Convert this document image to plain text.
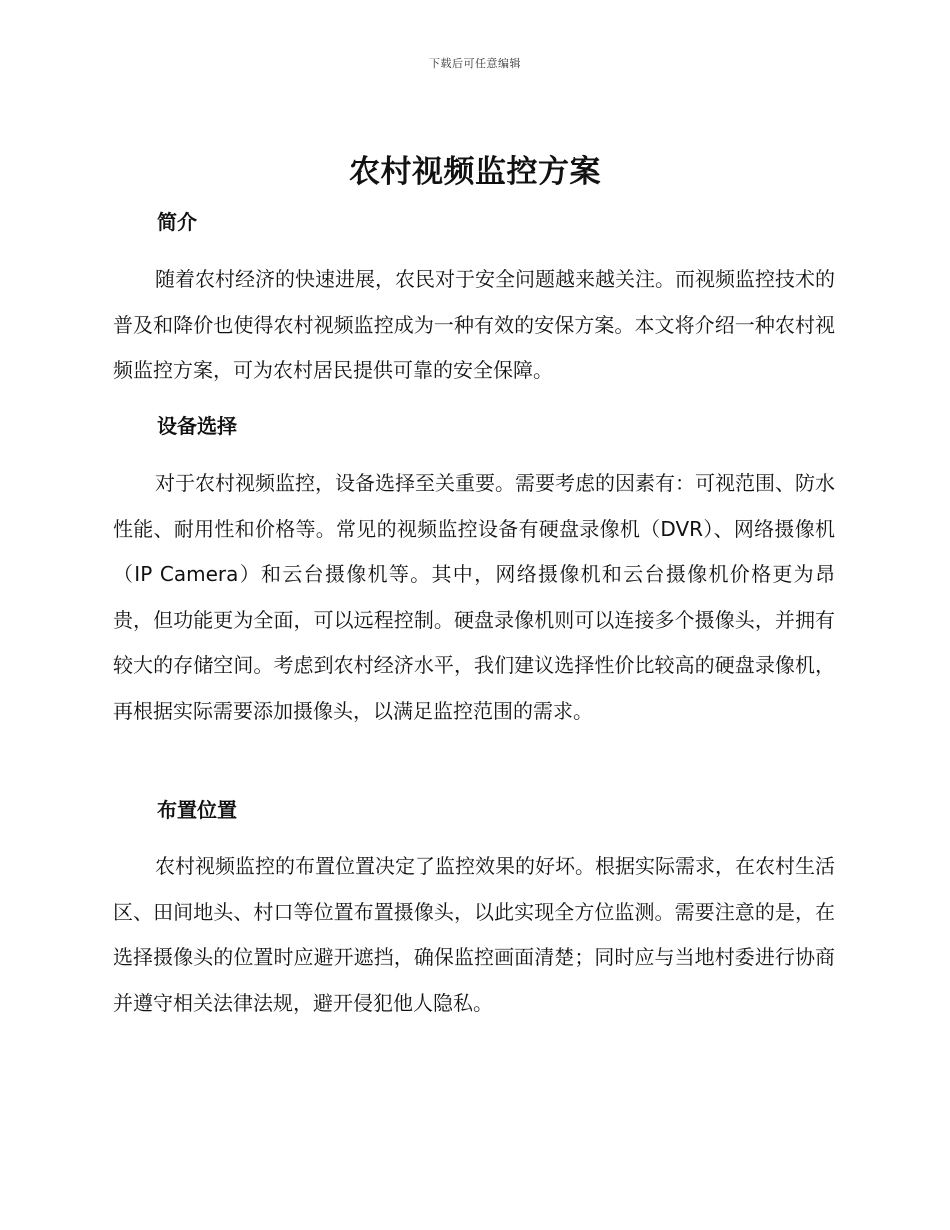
下载后可任意编辑
农村视频监控方案
简介

随着农村经济的快速进展，农民对于安全问题越来越关注。而视频监控技术的普及和降价也使得农村视频监控成为一种有效的安保方案。本文将介绍一种农村视频监控方案，可为农村居民提供可靠的安全保障。

设备选择

对于农村视频监控，设备选择至关重要。需要考虑的因素有：可视范围、防水性能、耐用性和价格等。常见的视频监控设备有硬盘录像机（DVR）、网络摄像机（IP Camera）和云台摄像机等。其中，网络摄像机和云台摄像机价格更为昂贵，但功能更为全面，可以远程控制。硬盘录像机则可以连接多个摄像头，并拥有较大的存储空间。考虑到农村经济水平，我们建议选择性价比较高的硬盘录像机，再根据实际需要添加摄像头，以满足监控范围的需求。

布置位置

农村视频监控的布置位置决定了监控效果的好坏。根据实际需求，在农村生活区、田间地头、村口等位置布置摄像头，以此实现全方位监测。需要注意的是，在选择摄像头的位置时应避开遮挡，确保监控画面清楚；同时应与当地村委进行协商并遵守相关法律法规，避开侵犯他人隐私。
